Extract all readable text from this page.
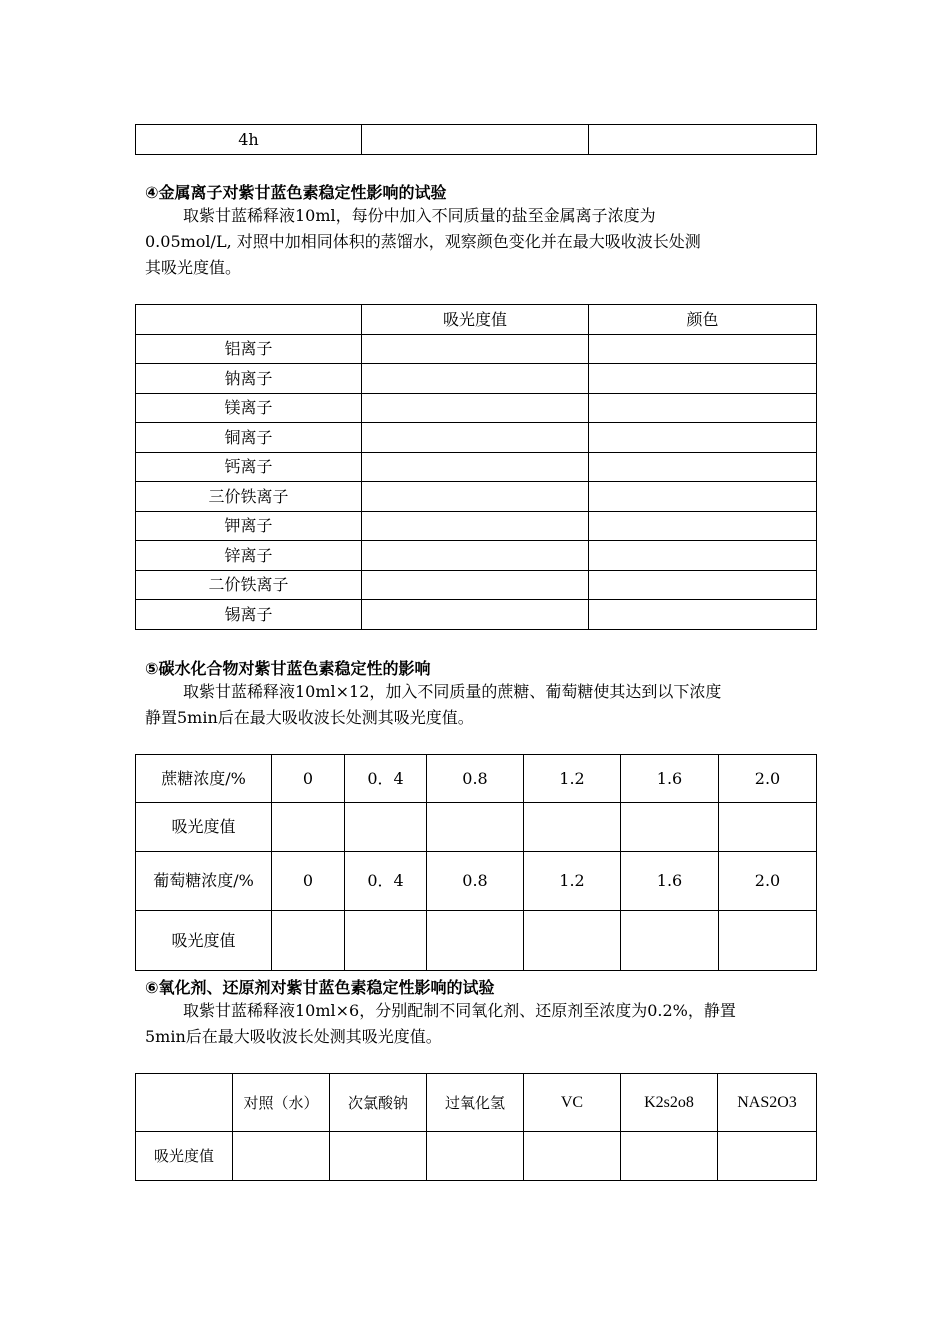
4h		
④金属离子对紫甘蓝色素稳定性影响的试验

取紫甘蓝稀释液10ml，每份中加入不同质量的盐至金属离子浓度为

0.05mol/L, 对照中加相同体积的蒸馏水，观察颜色变化并在最大吸收波长处测

其吸光度值。

	吸光度值	颜色
铝离子		
钠离子		
镁离子		
铜离子		
钙离子		
三价铁离子		
钾离子		
锌离子		
二价铁离子		
锡离子		
⑤碳水化合物对紫甘蓝色素稳定性的影响

取紫甘蓝稀释液10ml×12，加入不同质量的蔗糖、葡萄糖使其达到以下浓度

静置5min后在最大吸收波长处测其吸光度值。

蔗糖浓度/%	0	0．4	0.8	1.2	1.6	2.0
吸光度值						
葡萄糖浓度/%	0	0．4	0.8	1.2	1.6	2.0
吸光度值						
⑥氧化剂、还原剂对紫甘蓝色素稳定性影响的试验

取紫甘蓝稀释液10ml×6，分别配制不同氧化剂、还原剂至浓度为0.2%，静置

5min后在最大吸收波长处测其吸光度值。

	对照（水）	次氯酸钠	过氧化氢	VC	K2s2o8	NAS2O3
吸光度值						
